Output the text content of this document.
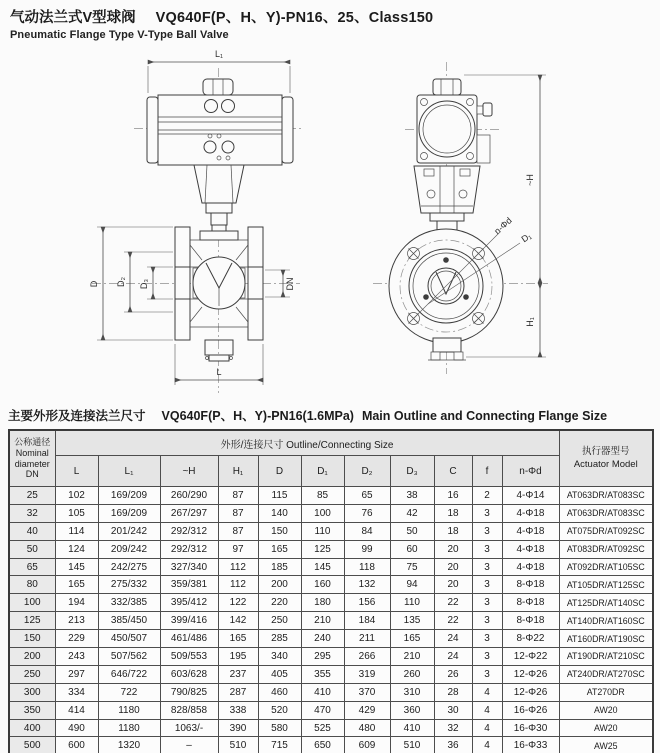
气动法兰式V型球阀 VQ640F(P、H、Y)-PN16、25、Class150
Pneumatic Flange Type V-Type Ball Valve
L₁
D D₂ D₃	DN
L
n-Φd
D₁
~H
H₁
主要外形及连接法兰尺寸 VQ640F(P、H、Y)-PN16(1.6MPa) Main Outline and Connecting Flange Size
公称通径
Nominal
diameter
DN
	外形/连接尺寸 Outline/Connecting Size	
执行器型号
Actuator Model

	L	L₁	~H	H₁	D	D₁	D₂	D₃	C	f	n-Φd	
25	102	169/209	260/290	87	115	85	65	38	16	2	4-Φ14	AT063DR/AT083SC
32	105	169/209	267/297	87	140	100	76	42	18	3	4-Φ18	AT063DR/AT083SC
40	114	201/242	292/312	87	150	110	84	50	18	3	4-Φ18	AT075DR/AT092SC
50	124	209/242	292/312	97	165	125	99	60	20	3	4-Φ18	AT083DR/AT092SC
65	145	242/275	327/340	112	185	145	118	75	20	3	4-Φ18	AT092DR/AT105SC
80	165	275/332	359/381	112	200	160	132	94	20	3	8-Φ18	AT105DR/AT125SC
100	194	332/385	395/412	122	220	180	156	110	22	3	8-Φ18	AT125DR/AT140SC
125	213	385/450	399/416	142	250	210	184	135	22	3	8-Φ18	AT140DR/AT160SC
150	229	450/507	461/486	165	285	240	211	165	24	3	8-Φ22	AT160DR/AT190SC
200	243	507/562	509/553	195	340	295	266	210	24	3	12-Φ22	AT190DR/AT210SC
250	297	646/722	603/628	237	405	355	319	260	26	3	12-Φ26	AT240DR/AT270SC
300	334	722	790/825	287	460	410	370	310	28	4	12-Φ26	AT270DR
350	414	1180	828/858	338	520	470	429	360	30	4	16-Φ26	AW20
400	490	1180	1063/-	390	580	525	480	410	32	4	16-Φ30	AW20
500	600	1320	–	510	715	650	609	510	36	4	16-Φ33	AW25
